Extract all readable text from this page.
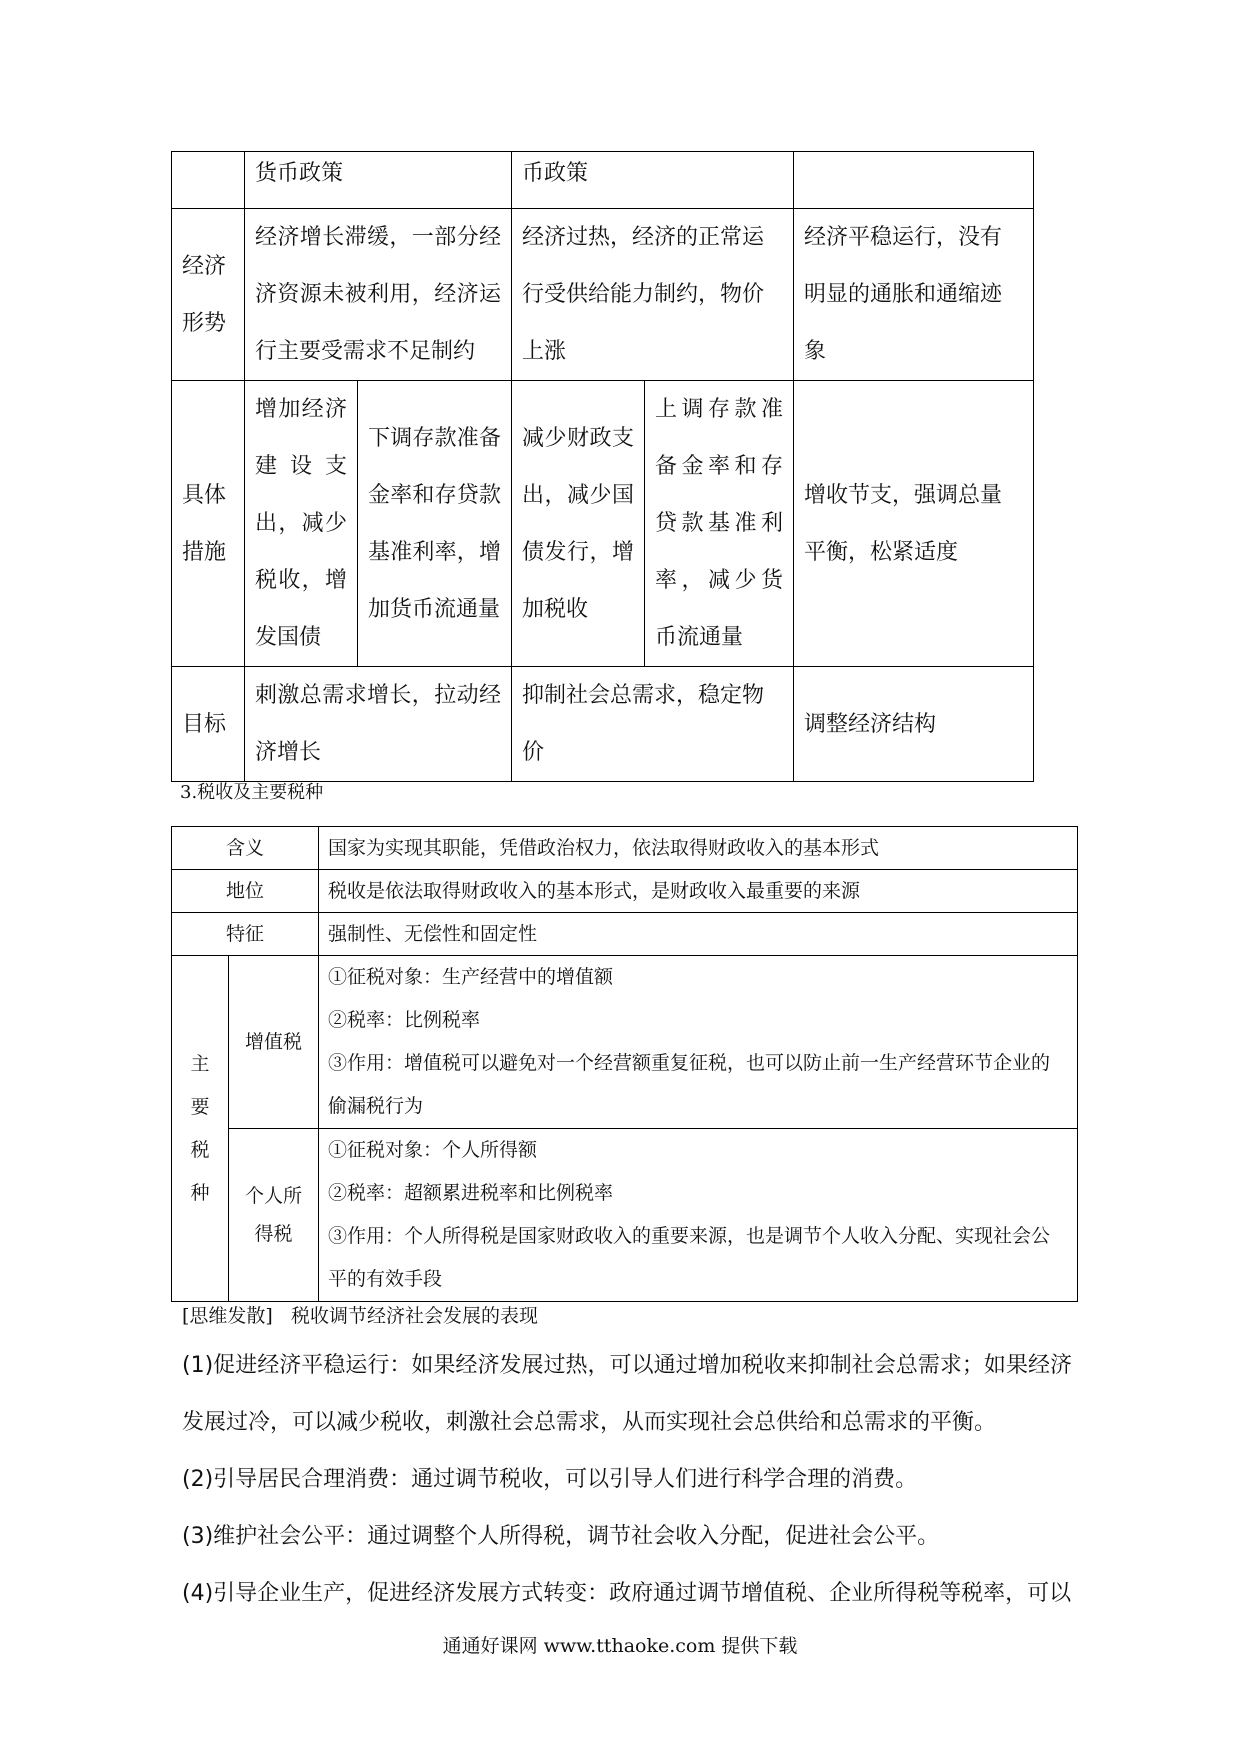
	货币政策		币政策		
经济形势	经济增长滞缓，一部分经济资源未被利用，经济运行主要受需求不足制约		经济过热，经济的正常运行受供给能力制约，物价上涨		经济平稳运行，没有明显的通胀和通缩迹象
具体措施	增加经济建设支出，减少税收，增发国债	下调存款准备金率和存贷款基准利率，增加货币流通量	减少财政支出，减少国债发行，增加税收	上调存款准备金率和存贷款基准利率，减少货币流通量	增收节支，强调总量平衡，松紧适度
目标	刺激总需求增长，拉动经济增长		抑制社会总需求，稳定物价		调整经济结构
3.税收及主要税种
含义		国家为实现其职能，凭借政治权力，依法取得财政收入的基本形式
地位		税收是依法取得财政收入的基本形式，是财政收入最重要的来源
特征		强制性、无偿性和固定性
主要税种	增值税	①征税对象：生产经营中的增值额
②税率：比例税率
③作用：增值税可以避免对一个经营额重复征税，也可以防止前一生产经营环节企业的偷漏税行为

	个人所得税	①征税对象：个人所得额
②税率：超额累进税率和比例税率
③作用：个人所得税是国家财政收入的重要来源，也是调节个人收入分配、实现社会公平的有效手段
[思维发散] 税收调节经济社会发展的表现

(1)促进经济平稳运行：如果经济发展过热，可以通过增加税收来抑制社会总需求；如果经济发展过冷，可以减少税收，刺激社会总需求，从而实现社会总供给和总需求的平衡。

(2)引导居民合理消费：通过调节税收，可以引导人们进行科学合理的消费。

(3)维护社会公平：通过调整个人所得税，调节社会收入分配，促进社会公平。

(4)引导企业生产，促进经济发展方式转变：政府通过调节增值税、企业所得税等税率，可以

通通好课网 www.tthaoke.com 提供下载
